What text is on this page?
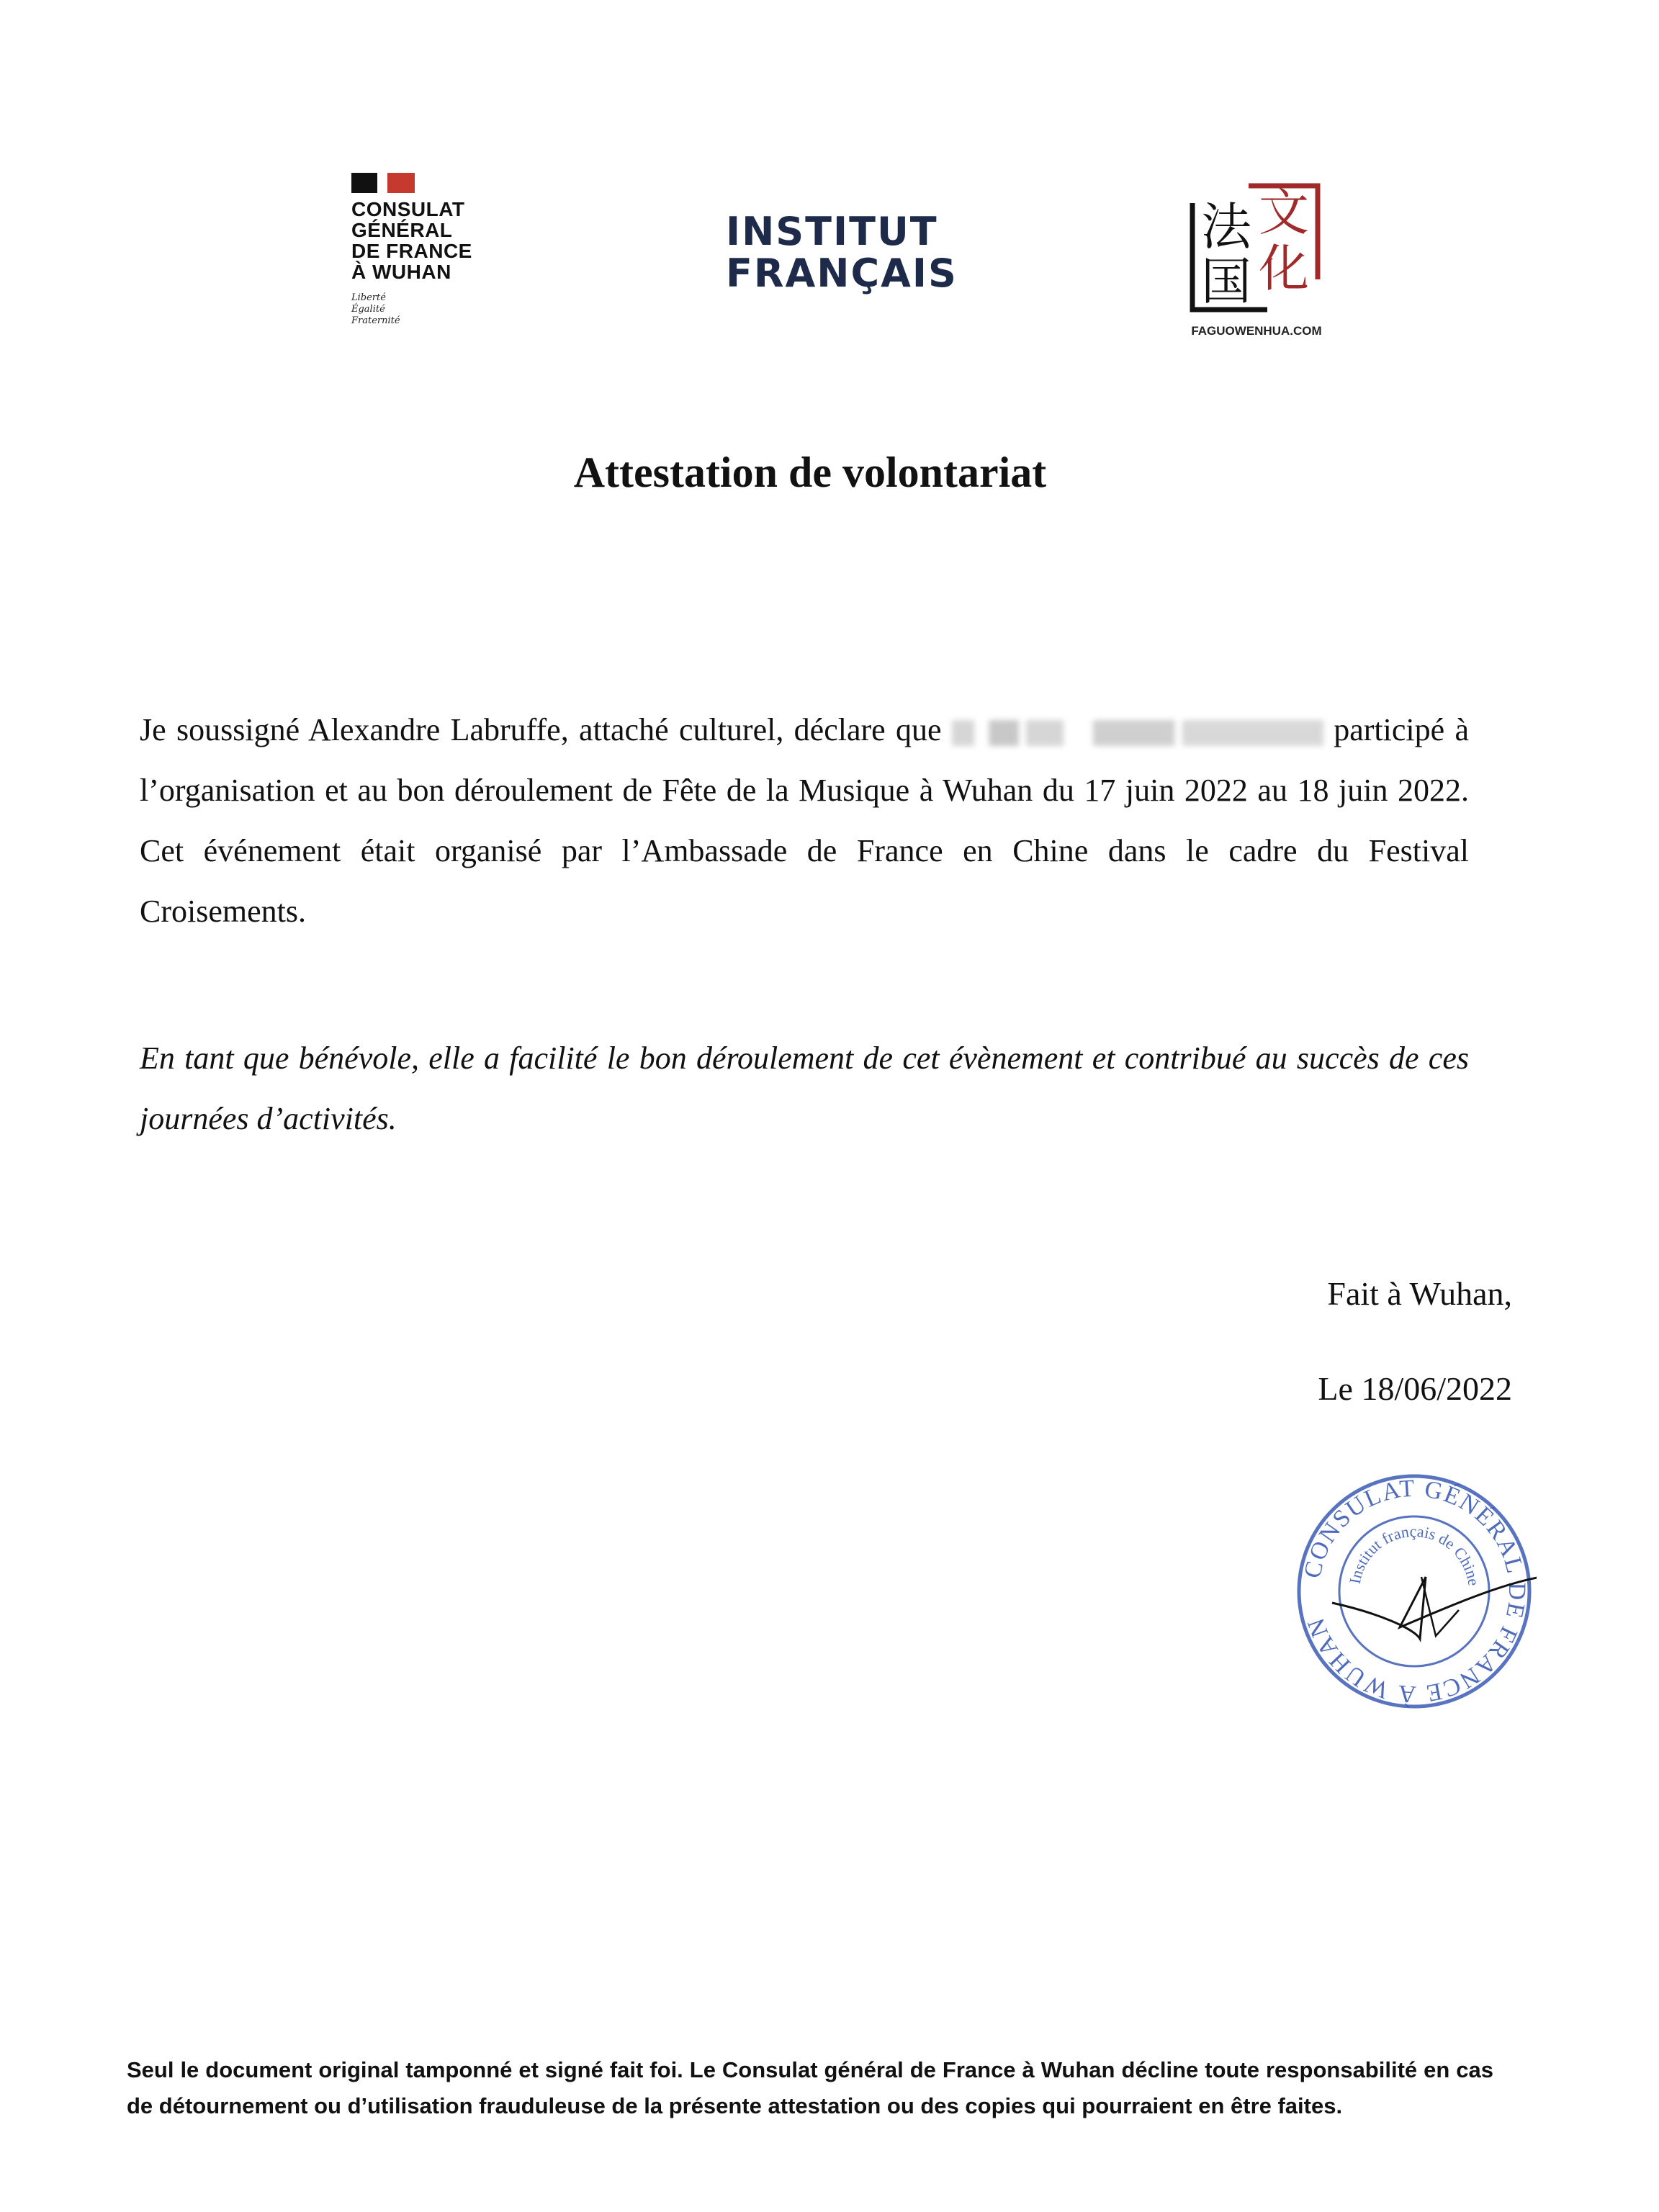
CONSULAT
GÉNÉRAL
DE FRANCE
À WUHAN
Liberté
Égalité
Fraternité
INSTITUT
FRANÇAIS
文
化
法
国
FAGUOWENHUA.COM
Attestation de volontariat
Je soussigné Alexandre Labruffe, attaché culturel, déclare que	participé à l’organisation et au bon déroulement de Fête de la Musique à Wuhan du 17 juin 2022 au 18 juin 2022. Cet événement était organisé par l’Ambassade de France en Chine dans le cadre du Festival Croisements.
En tant que bénévole, elle a facilité le bon déroulement de cet évènement et contribué au succès de ces journées d’activités.
Fait à Wuhan,
Le 18/06/2022
CONSULAT GÉNÉRAL DE FRANCE À WUHAN
Institut français de Chine
Seul le document original tamponné et signé fait foi. Le Consulat général de France à Wuhan décline toute responsabilité en cas de détournement ou d’utilisation frauduleuse de la présente attestation ou des copies qui pourraient en être faites.
